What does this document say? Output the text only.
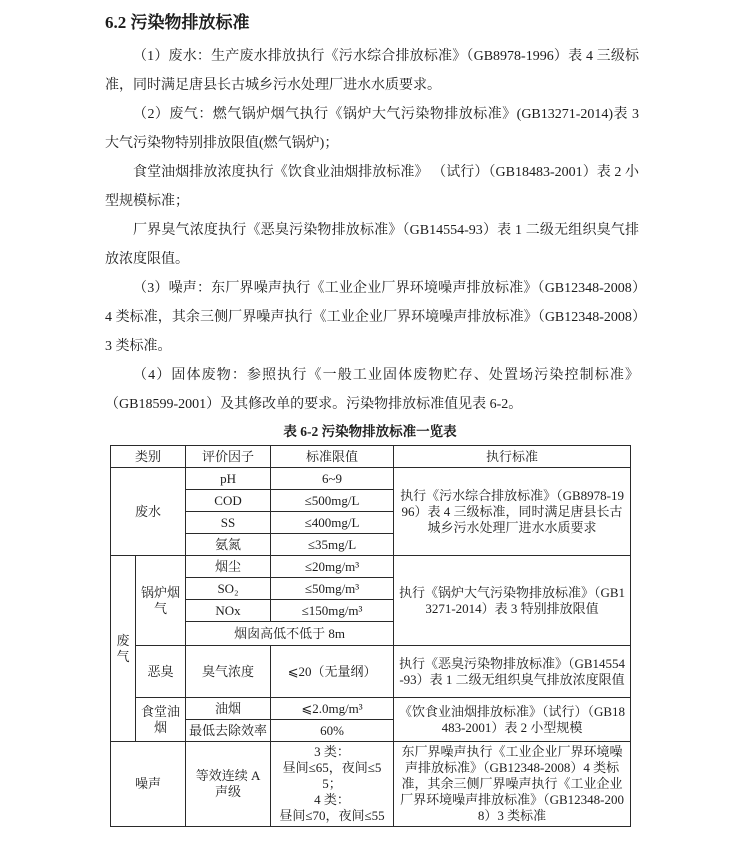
6.2 污染物排放标准

（1）废水：生产废水排放执行《污水综合排放标准》（GB8978-1996）表 4 三级标准，同时满足唐县长古城乡污水处理厂进水水质要求。

（2）废气：燃气锅炉烟气执行《锅炉大气污染物排放标准》(GB13271-2014)表 3 大气污染物特别排放限值(燃气锅炉)；

食堂油烟排放浓度执行《饮食业油烟排放标准》 （试行）（GB18483-2001）表 2 小型规模标准；

厂界臭气浓度执行《恶臭污染物排放标准》（GB14554-93）表 1 二级无组织臭气排放浓度限值。

（3）噪声：东厂界噪声执行《工业企业厂界环境噪声排放标准》（GB12348-2008）4 类标准，其余三侧厂界噪声执行《工业企业厂界环境噪声排放标准》（GB12348-2008）3 类标准。

（4）固体废物：参照执行《一般工业固体废物贮存、处置场污染控制标准》（GB18599-2001）及其修改单的要求。污染物排放标准值见表 6-2。

表 6-2 污染物排放标准一览表
类别		评价因子	标准限值	执行标准
废水		pH	6~9	执行《污水综合排放标准》（GB8978-1996）表 4 三级标准，同时满足唐县长古城乡污水处理厂进水水质要求
		COD	≤500mg/L	
		SS	≤400mg/L	
		氨氮	≤35mg/L	
废气	锅炉烟气	烟尘	≤20mg/m³	执行《锅炉大气污染物排放标准》（GB13271-2014）表 3 特别排放限值
		SO₂	≤50mg/m³	
		NOx	≤150mg/m³	
		烟囱高低不低于 8m		
	恶臭	臭气浓度	⩽20（无量纲）	执行《恶臭污染物排放标准》（GB14554-93）表 1 二级无组织臭气排放浓度限值
	食堂油烟	油烟	⩽2.0mg/m³	《饮食业油烟排放标准》（试行）（GB18483-2001）表 2 小型规模
		最低去除效率	60%	
噪声		等效连续 A 声级	3 类：
昼间≤65，夜间≤55；
4 类：
昼间≤70，夜间≤55	东厂界噪声执行《工业企业厂界环境噪声排放标准》（GB12348-2008）4 类标准，其余三侧厂界噪声执行《工业企业厂界环境噪声排放标准》（GB12348-2008）3 类标准
